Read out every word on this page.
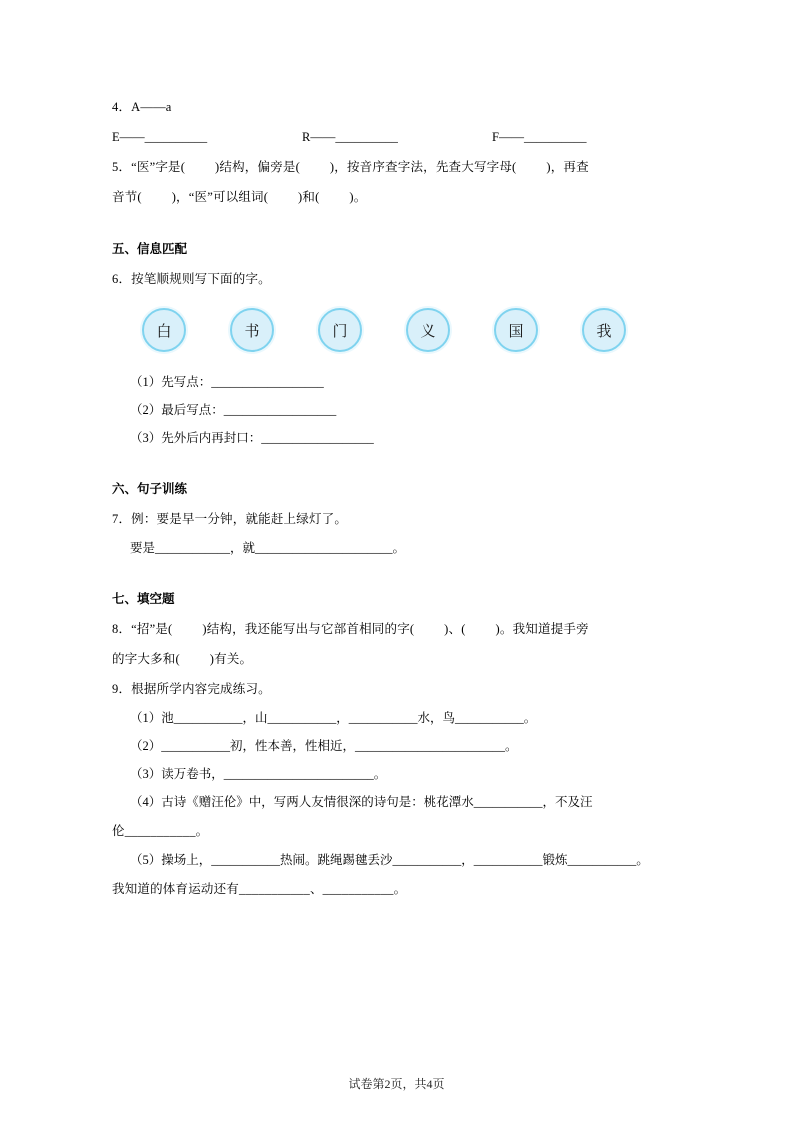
4．A——a
E——__________	R——__________	F——__________
5．“医”字是(         )结构，偏旁是(         )，按音序查字法，先查大写字母(         )，再查
音节(         )，“医”可以组词(         )和(         )。
五、信息匹配
6．按笔顺规则写下面的字。
白	书	门	义	国	我
（1）先写点：__________________
（2）最后写点：__________________
（3）先外后内再封口：__________________
六、句子训练
7．例：要是早一分钟，就能赶上绿灯了。
要是____________，就______________________。
七、填空题
8．“招”是(         )结构，我还能写出与它部首相同的字(         )、(         )。我知道提手旁
的字大多和(         )有关。
9．根据所学内容完成练习。
（1）池___________，山___________，___________水，鸟___________。
（2）___________初，性本善，性相近，________________________。
（3）读万卷书，________________________。
（4）古诗《赠汪伦》中，写两人友情很深的诗句是：桃花潭水___________，不及汪
伦___________。
（5）操场上，___________热闹。跳绳踢毽丢沙___________，___________锻炼___________。
我知道的体育运动还有___________、___________。
试卷第2页，共4页
